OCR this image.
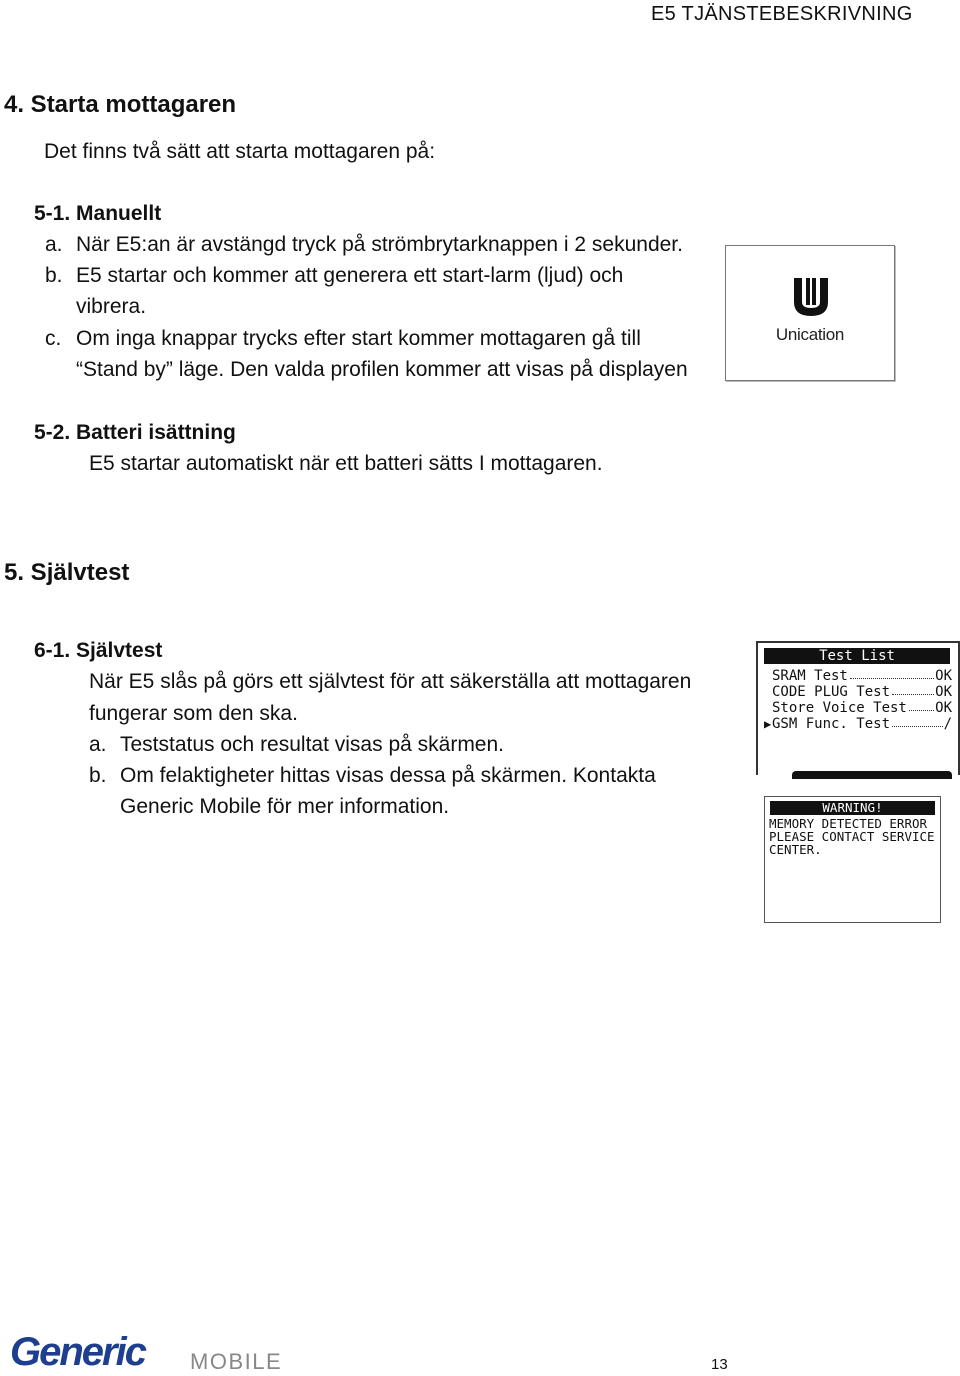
E5 TJÄNSTEBESKRIVNING
4. Starta mottagaren
Det finns två sätt att starta mottagaren på:
5-1. Manuellt
a. När E5:an är avstängd tryck på strömbrytarknappen i 2 sekunder.
b. E5 startar och kommer att generera ett start-larm (ljud) och
vibrera.
c. Om inga knappar trycks efter start kommer mottagaren gå till
“Stand by” läge. Den valda profilen kommer att visas på displayen
Unication
5-2. Batteri isättning
E5 startar automatiskt när ett batteri sätts I mottagaren.
5. Självtest
6-1. Självtest
När E5 slås på görs ett självtest för att säkerställa att mottagaren
fungerar som den ska.
a. Teststatus och resultat visas på skärmen.
b. Om felaktigheter hittas visas dessa på skärmen. Kontakta
Generic Mobile för mer information.
Test List
SRAM Test	OK
CODE PLUG Test	OK
Store Voice Test OK
▶ GSM Func. Test	/
WARNING!
MEMORY DETECTED ERROR
PLEASE CONTACT SERVICE
CENTER.
Generic MOBILE	13
